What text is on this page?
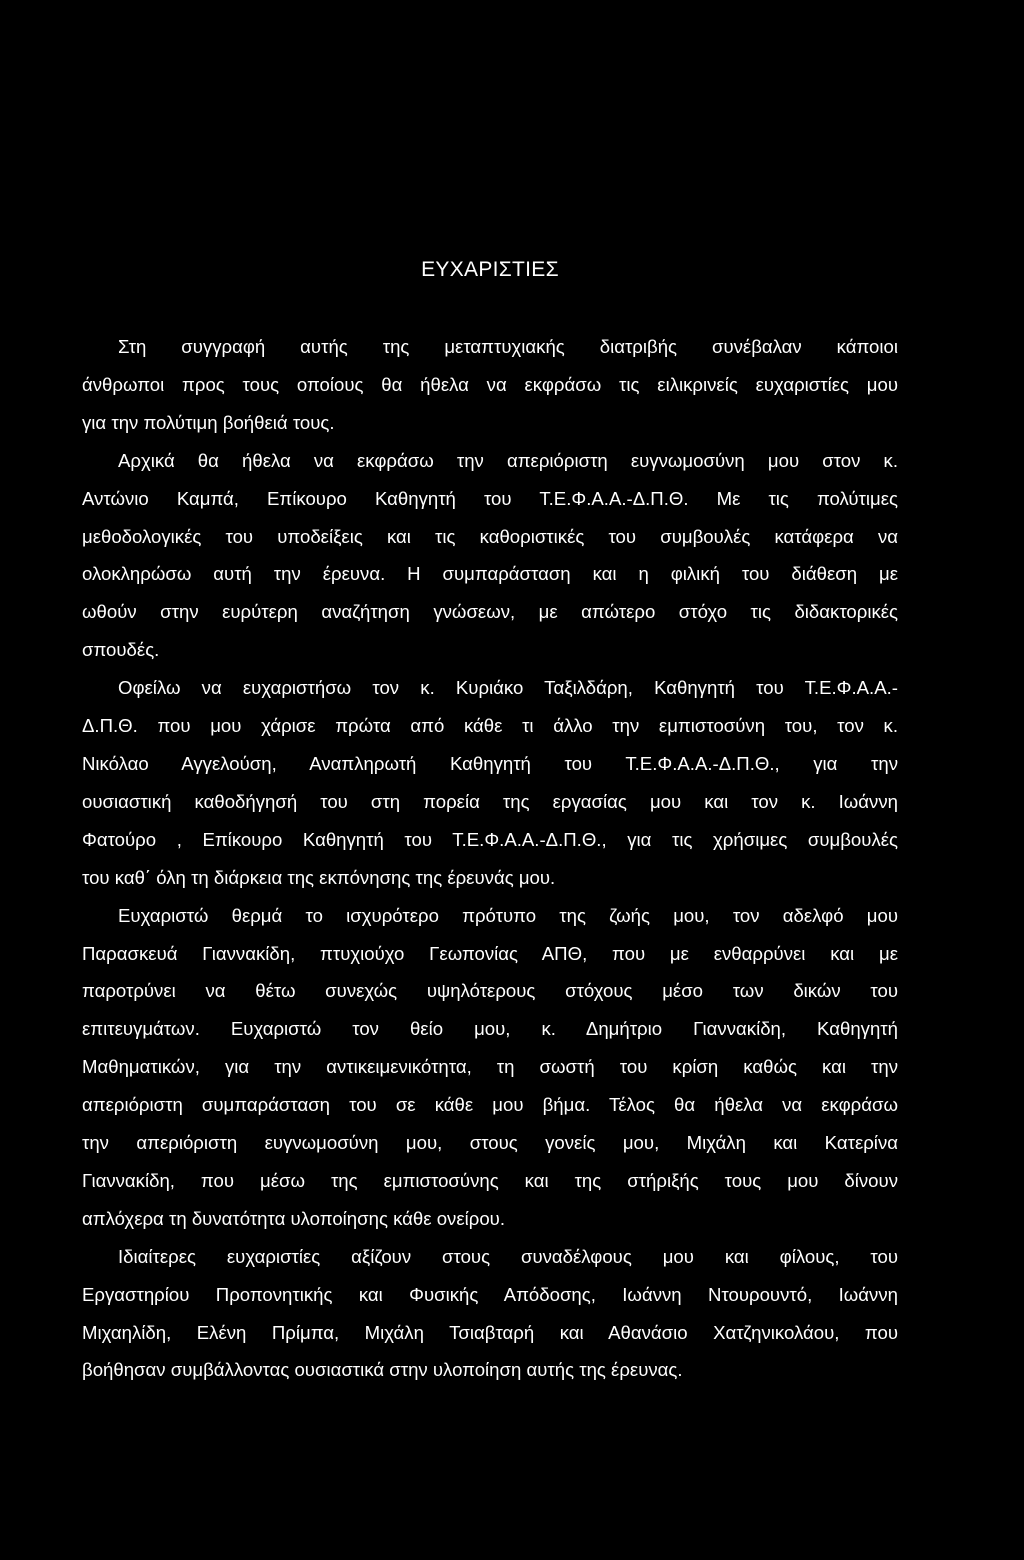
ΕΥΧΑΡΙΣΤΙΕΣ
Στη συγγραφή αυτής της μεταπτυχιακής διατριβής συνέβαλαν κάποιοι
άνθρωποι προς τους οποίους θα ήθελα να εκφράσω τις ειλικρινείς ευχαριστίες μου
για την πολύτιμη βοήθειά τους.
Αρχικά θα ήθελα να εκφράσω την απεριόριστη ευγνωμοσύνη μου στον κ.
Αντώνιο Καμπά, Επίκουρο Καθηγητή του Τ.Ε.Φ.Α.Α.-Δ.Π.Θ. Με τις πολύτιμες
μεθοδολογικές του υποδείξεις και τις καθοριστικές του συμβουλές κατάφερα να
ολοκληρώσω αυτή την έρευνα. Η συμπαράσταση και η φιλική του διάθεση με
ωθούν στην ευρύτερη αναζήτηση γνώσεων, με απώτερο στόχο τις διδακτορικές
σπουδές.
Οφείλω να ευχαριστήσω τον κ. Κυριάκο Ταξιλδάρη, Καθηγητή του Τ.Ε.Φ.Α.Α.-
Δ.Π.Θ. που μου χάρισε πρώτα από κάθε τι άλλο την εμπιστοσύνη του, τον κ.
Νικόλαο Αγγελούση, Αναπληρωτή Καθηγητή του Τ.Ε.Φ.Α.Α.-Δ.Π.Θ., για την
ουσιαστική καθοδήγησή του στη πορεία της εργασίας μου και τον κ. Ιωάννη
Φατούρο , Επίκουρο Καθηγητή του Τ.Ε.Φ.Α.Α.-Δ.Π.Θ., για τις χρήσιμες συμβουλές
του καθ΄ όλη τη διάρκεια της εκπόνησης της έρευνάς μου.
Ευχαριστώ θερμά το ισχυρότερο πρότυπο της ζωής μου, τον αδελφό μου
Παρασκευά Γιαννακίδη, πτυχιούχο Γεωπονίας ΑΠΘ, που με ενθαρρύνει και με
παροτρύνει να θέτω συνεχώς υψηλότερους στόχους μέσο των δικών του
επιτευγμάτων. Ευχαριστώ τον θείο μου, κ. Δημήτριο Γιαννακίδη, Καθηγητή
Μαθηματικών, για την αντικειμενικότητα, τη σωστή του κρίση καθώς και την
απεριόριστη συμπαράσταση του σε κάθε μου βήμα. Τέλος θα ήθελα να εκφράσω
την απεριόριστη ευγνωμοσύνη μου, στους γονείς μου, Μιχάλη και Κατερίνα
Γιαννακίδη, που μέσω της εμπιστοσύνης και της στήριξής τους μου δίνουν
απλόχερα τη δυνατότητα υλοποίησης κάθε ονείρου.
Ιδιαίτερες ευχαριστίες αξίζουν στους συναδέλφους μου και φίλους, του
Εργαστηρίου Προπονητικής και Φυσικής Απόδοσης, Ιωάννη Ντουρουντό, Ιωάννη
Μιχαηλίδη, Ελένη Πρίμπα, Μιχάλη Τσιαβταρή και Αθανάσιο Χατζηνικολάου, που
βοήθησαν συμβάλλοντας ουσιαστικά στην υλοποίηση αυτής της έρευνας.
